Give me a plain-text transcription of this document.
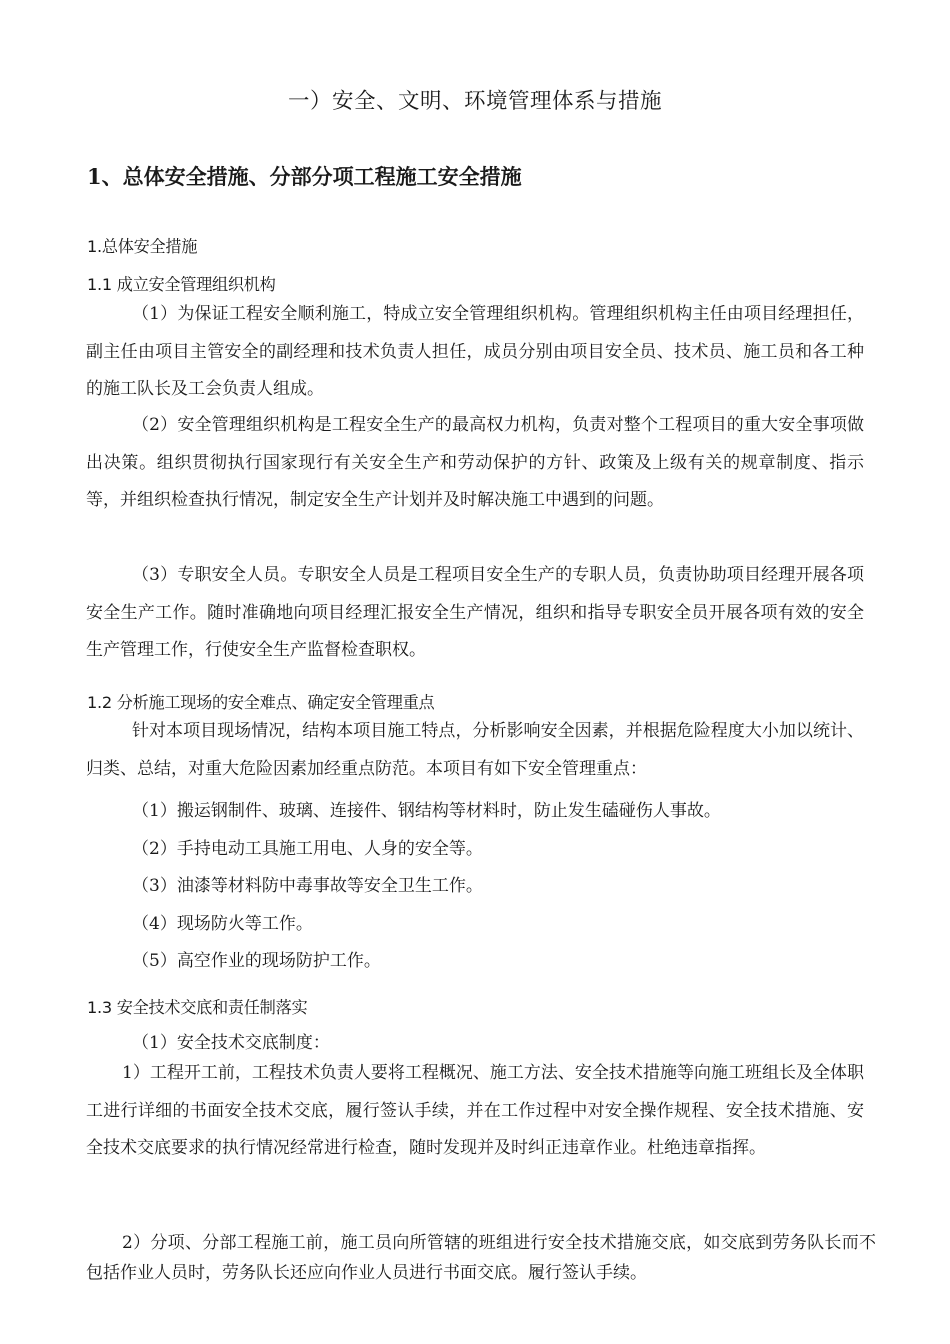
一）安全、文明、环境管理体系与措施
1、总体安全措施、分部分项工程施工安全措施
1.总体安全措施
1.1 成立安全管理组织机构

（1）为保证工程安全顺利施工，特成立安全管理组织机构。管理组织机构主任由项目经理担任，副主任由项目主管安全的副经理和技术负责人担任，成员分别由项目安全员、技术员、施工员和各工种的施工队长及工会负责人组成。

（2）安全管理组织机构是工程安全生产的最高权力机构，负责对整个工程项目的重大安全事项做出决策。组织贯彻执行国家现行有关安全生产和劳动保护的方针、政策及上级有关的规章制度、指示等，并组织检查执行情况，制定安全生产计划并及时解决施工中遇到的问题。

（3）专职安全人员。专职安全人员是工程项目安全生产的专职人员，负责协助项目经理开展各项安全生产工作。随时准确地向项目经理汇报安全生产情况，组织和指导专职安全员开展各项有效的安全生产管理工作，行使安全生产监督检查职权。

1.2 分析施工现场的安全难点、确定安全管理重点

针对本项目现场情况，结构本项目施工特点，分析影响安全因素，并根据危险程度大小加以统计、归类、总结，对重大危险因素加经重点防范。本项目有如下安全管理重点：

（1）搬运钢制件、玻璃、连接件、钢结构等材料时，防止发生磕碰伤人事故。

（2）手持电动工具施工用电、人身的安全等。

（3）油漆等材料防中毒事故等安全卫生工作。

（4）现场防火等工作。

（5）高空作业的现场防护工作。

1.3 安全技术交底和责任制落实

（1）安全技术交底制度：

1）工程开工前，工程技术负责人要将工程概况、施工方法、安全技术措施等向施工班组长及全体职工进行详细的书面安全技术交底，履行签认手续，并在工作过程中对安全操作规程、安全技术措施、安全技术交底要求的执行情况经常进行检查，随时发现并及时纠正违章作业。杜绝违章指挥。

2）分项、分部工程施工前，施工员向所管辖的班组进行安全技术措施交底，如交底到劳务队长而不包括作业人员时，劳务队长还应向作业人员进行书面交底。履行签认手续。
